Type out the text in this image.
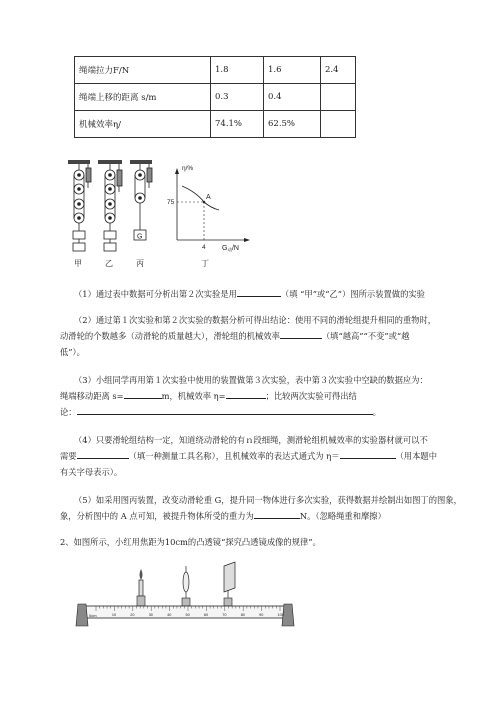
绳端拉力F/N	1.8	1.6	2.4
绳端上移的距离 s/m	0.3	0.4	
机械效率η/	74.1%	62.5%	
G
η/%
75
4
A
$G_动/N$
甲	乙	丙	丁
（1）通过表中数据可分析出第２次实验是用	（填 “甲”或“乙”）图所示装置做的实验
（2）通过第１次实验和第２次实验的数据分析可得出结论：使用不同的滑轮组提升相同的重物时，
动滑轮的个数越多（动滑轮的质量越大），滑轮组的机械效率	（填“越高”“不变”或“越
低”）。
（3）小组同学再用第１次实验中使用的装置做第３次实验，表中第３次实验中空缺的数据应为：
绳端移动距离 s=	m，机械效率 η=	；比较两次实验可得出结
论：	。
（4）只要滑轮组结构一定，知道绕动滑轮的有ｎ段细绳，测滑轮组机械效率的实验器材就可以不
需要	（填一种测量工具名称），且机械效率的表达式通式为 η＝	（用本题中
有关字母表示）。
（5）如采用图丙装置，改变动滑轮重 G，提升同一物体进行多次实验，获得数据并绘制出如图丁的图象，
象，分析图中的 A 点可知，被提升物体所受的重力为	N。（忽略绳重和摩擦）
2、如图所示，小红用焦距为10cm的凸透镜“探究凸透镜成像的规律”。
0cm	10	20	30	40	50	60	70	80	90	100
